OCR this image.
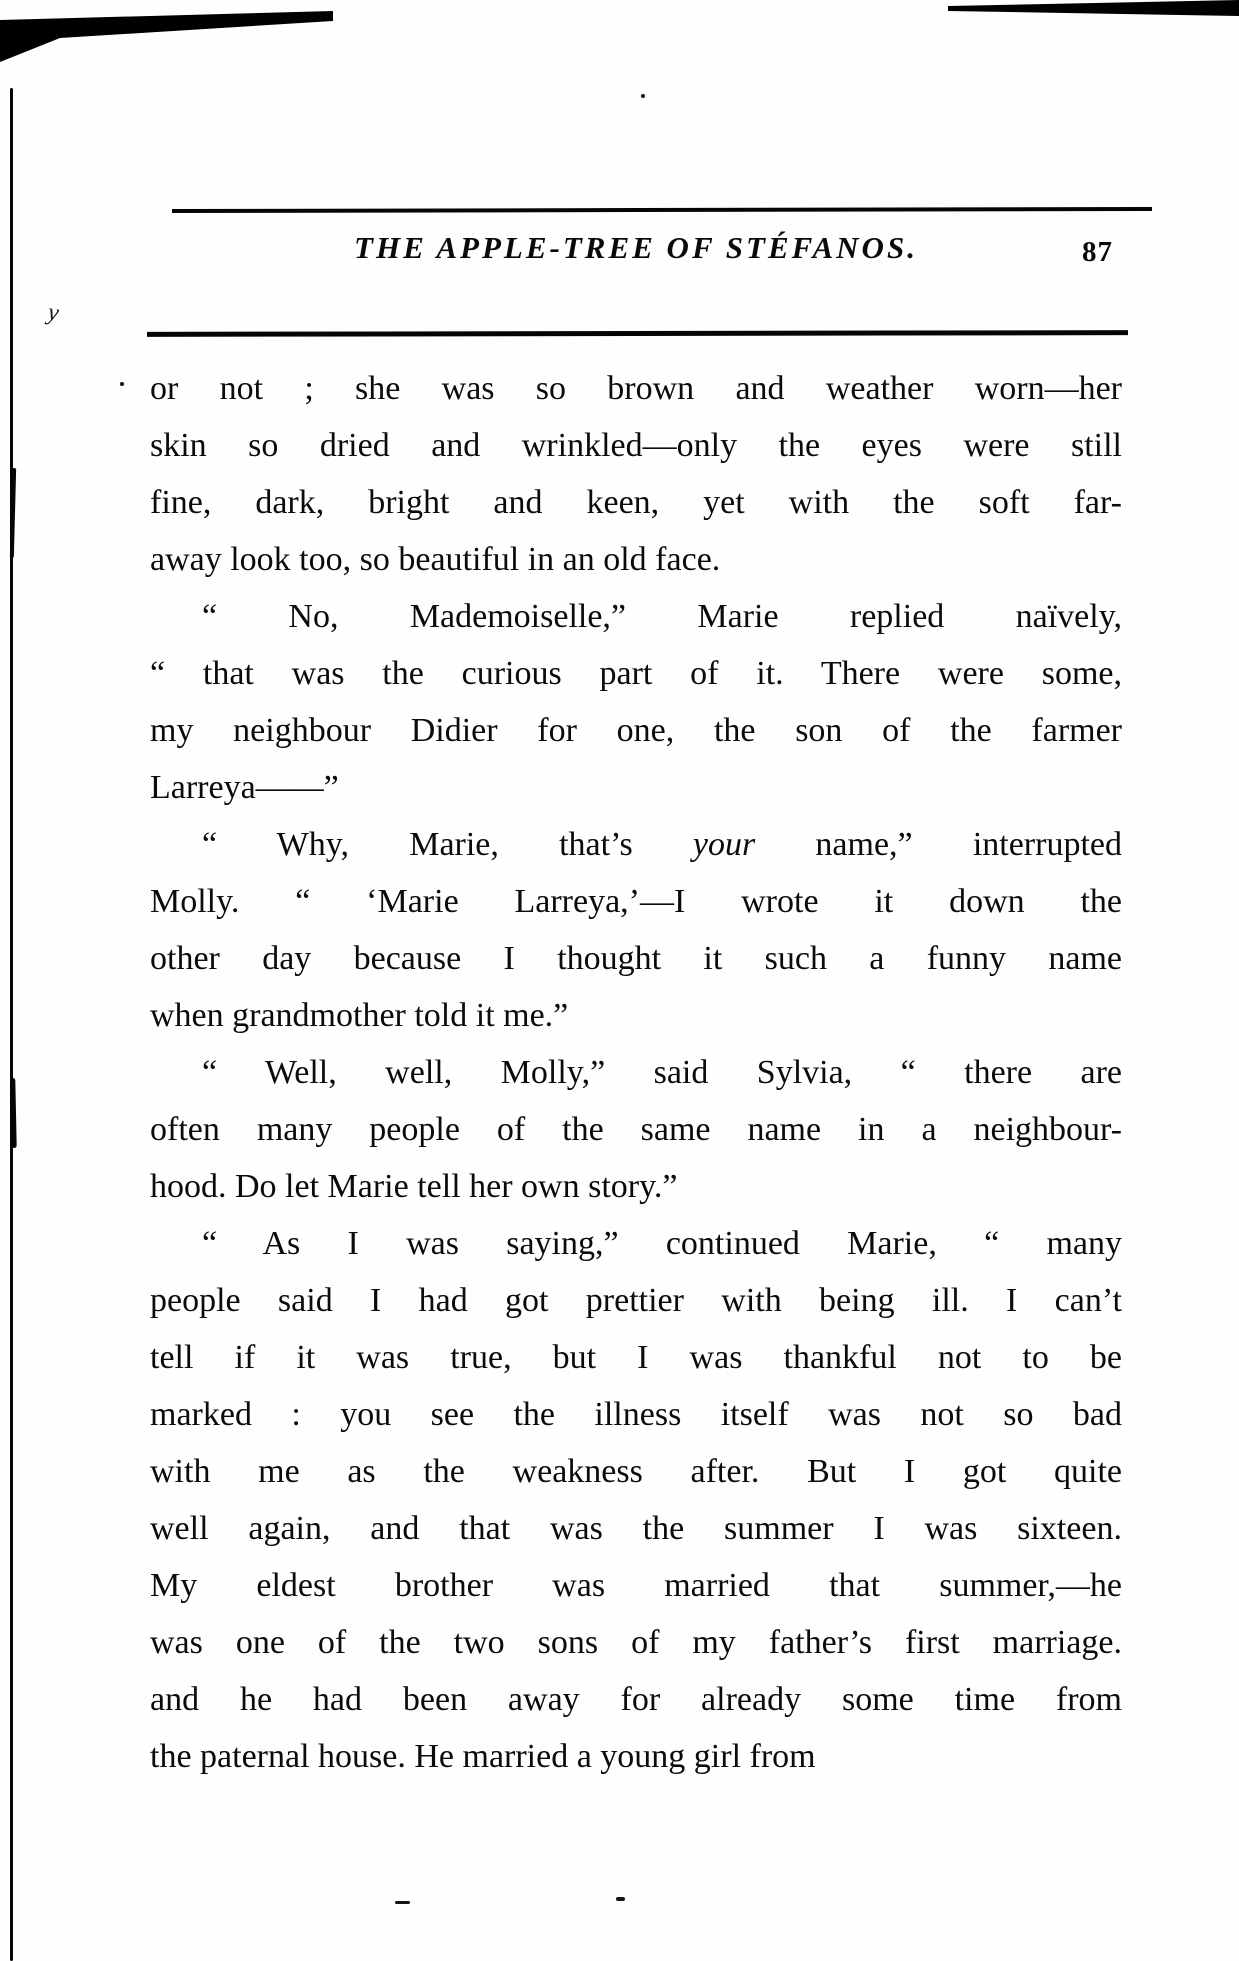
y
THE APPLE-TREE OF STÉFANOS.	87
or not ; she was so brown and weather worn—her
skin so dried and wrinkled—only the eyes were still
fine, dark, bright and keen, yet with the soft far-
away look too, so beautiful in an old face.
“ No, Mademoiselle,” Marie replied naïvely,
“ that was the curious part of it. There were some,
my neighbour Didier for one, the son of the farmer
Larreya——”
“ Why, Marie, that’s your name,” interrupted
Molly. “ ‘Marie Larreya,’—I wrote it down the
other day because I thought it such a funny name
when grandmother told it me.”
“ Well, well, Molly,” said Sylvia, “ there are
often many people of the same name in a neighbour-
hood. Do let Marie tell her own story.”
“ As I was saying,” continued Marie, “ many
people said I had got prettier with being ill. I can’t
tell if it was true, but I was thankful not to be
marked : you see the illness itself was not so bad
with me as the weakness after. But I got quite
well again, and that was the summer I was sixteen.
My eldest brother was married that summer,—he
was one of the two sons of my father’s first marriage.
and he had been away for already some time from
the paternal house. He married a young girl from
